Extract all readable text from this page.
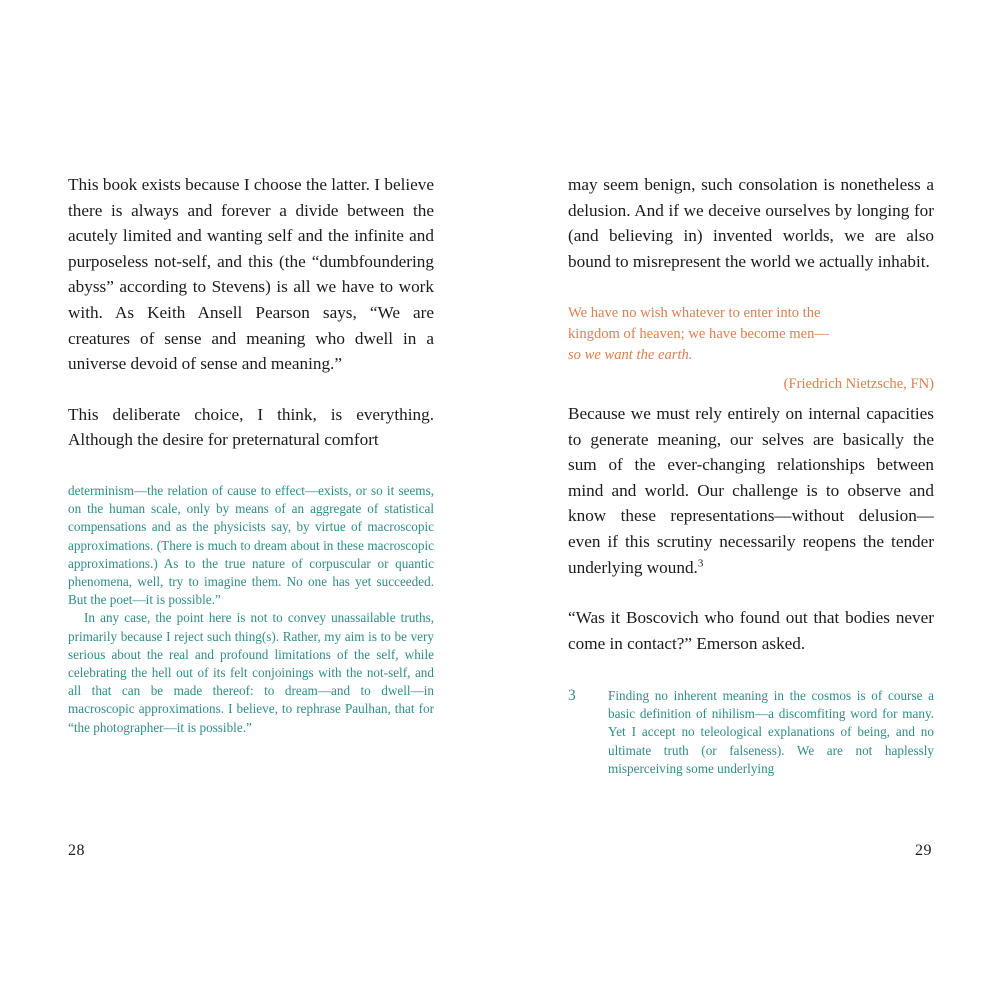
This book exists because I choose the latter. I believe there is always and forever a divide between the acutely limited and wanting self and the infinite and purposeless not-self, and this (the “dumbfoundering abyss” according to Stevens) is all we have to work with. As Keith Ansell Pearson says, “We are creatures of sense and meaning who dwell in a universe devoid of sense and meaning.”

This deliberate choice, I think, is everything. Although the desire for preternatural comfort

determinism—the relation of cause to effect—exists, or so it seems, on the human scale, only by means of an aggregate of statistical compensations and as the physicists say, by virtue of macroscopic approximations. (There is much to dream about in these macroscopic approximations.) As to the true nature of corpuscular or quantic phenomena, well, try to imagine them. No one has yet succeeded. But the poet—it is possible.”

In any case, the point here is not to convey unassailable truths, primarily because I reject such thing(s). Rather, my aim is to be very serious about the real and profound limitations of the self, while celebrating the hell out of its felt conjoinings with the not-self, and all that can be made thereof: to dream—and to dwell—in macroscopic approximations. I believe, to rephrase Paulhan, that for “the photographer—it is possible.”

28

may seem benign, such consolation is nonetheless a delusion. And if we deceive ourselves by longing for (and believing in) invented worlds, we are also bound to misrepresent the world we actually inhabit.

We have no wish whatever to enter into the
kingdom of heaven; we have become men—
so we want the earth.
(Friedrich Nietzsche, FN)

Because we must rely entirely on internal capacities to generate meaning, our selves are basically the sum of the ever-changing relationships between mind and world. Our challenge is to observe and know these representations—without delusion—even if this scrutiny necessarily reopens the tender underlying wound.$^3$

“Was it Boscovich who found out that bodies never come in contact?” Emerson asked.

3	Finding no inherent meaning in the cosmos is of course a basic definition of nihilism—a discomfiting word for many. Yet I accept no teleological explanations of being, and no ultimate truth (or falseness). We are not haplessly misperceiving some underlying
29
